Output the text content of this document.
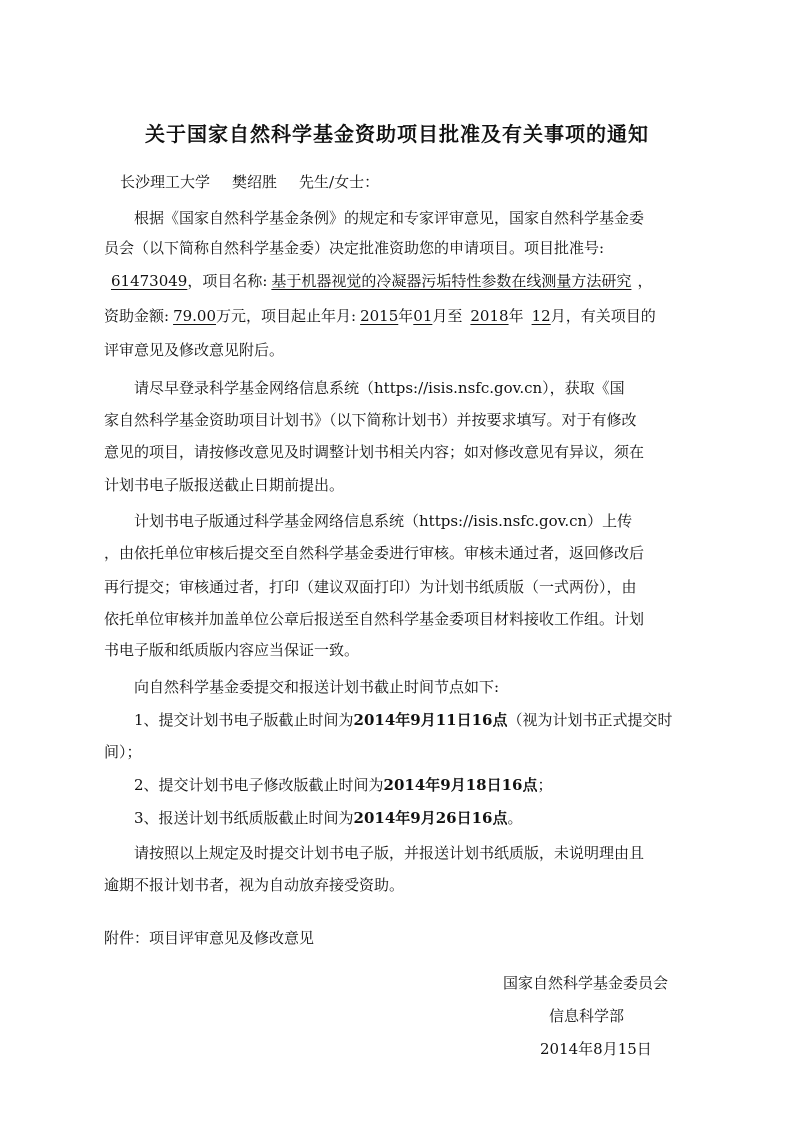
关于国家自然科学基金资助项目批准及有关事项的通知
长沙理工大学 樊绍胜 先生/女士：
根据《国家自然科学基金条例》的规定和专家评审意见，国家自然科学基金委
员会（以下简称自然科学基金委）决定批准资助您的申请项目。项目批准号:
61473049，项目名称: 基于机器视觉的冷凝器污垢特性参数在线测量方法研究 ，
资助金额: 79.00万元，项目起止年月: 2015年01月至 2018年 12月，有关项目的
评审意见及修改意见附后。
请尽早登录科学基金网络信息系统（https://isis.nsfc.gov.cn），获取《国
家自然科学基金资助项目计划书》（以下简称计划书）并按要求填写。对于有修改
意见的项目，请按修改意见及时调整计划书相关内容；如对修改意见有异议，须在
计划书电子版报送截止日期前提出。
计划书电子版通过科学基金网络信息系统（https://isis.nsfc.gov.cn）上传
，由依托单位审核后提交至自然科学基金委进行审核。审核未通过者，返回修改后
再行提交；审核通过者，打印（建议双面打印）为计划书纸质版（一式两份），由
依托单位审核并加盖单位公章后报送至自然科学基金委项目材料接收工作组。计划
书电子版和纸质版内容应当保证一致。
向自然科学基金委提交和报送计划书截止时间节点如下:
1、提交计划书电子版截止时间为2014年9月11日16点（视为计划书正式提交时
间）；
2、提交计划书电子修改版截止时间为2014年9月18日16点；
3、报送计划书纸质版截止时间为2014年9月26日16点。
请按照以上规定及时提交计划书电子版，并报送计划书纸质版，未说明理由且
逾期不报计划书者，视为自动放弃接受资助。
附件：项目评审意见及修改意见
国家自然科学基金委员会
信息科学部
2014年8月15日
